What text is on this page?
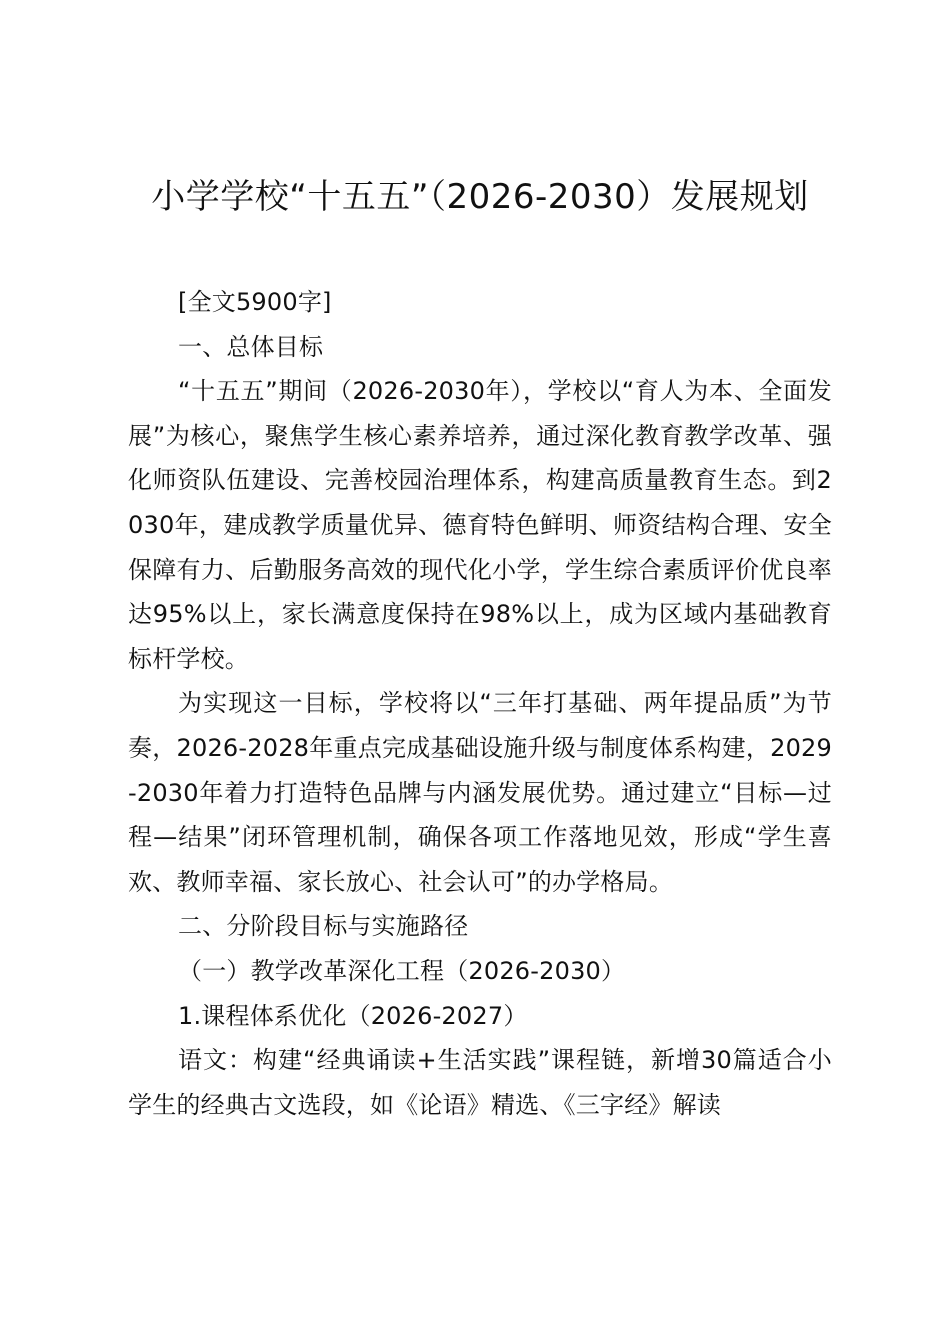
小学学校“十五五”（2026-2030）发展规划

[全文5900字]

一、总体目标

“十五五”期间（2026-2030年），学校以“育人为本、全面发展”为核心，聚焦学生核心素养培养，通过深化教育教学改革、强化师资队伍建设、完善校园治理体系，构建高质量教育生态。到2030年，建成教学质量优异、德育特色鲜明、师资结构合理、安全保障有力、后勤服务高效的现代化小学，学生综合素质评价优良率达95%以上，家长满意度保持在98%以上，成为区域内基础教育标杆学校。

为实现这一目标，学校将以“三年打基础、两年提品质”为节奏，2026-2028年重点完成基础设施升级与制度体系构建，2029-2030年着力打造特色品牌与内涵发展优势。通过建立“目标—过程—结果”闭环管理机制，确保各项工作落地见效，形成“学生喜欢、教师幸福、家长放心、社会认可”的办学格局。

二、分阶段目标与实施路径

（一）教学改革深化工程（2026-2030）

1.课程体系优化（2026-2027）

语文：构建“经典诵读+生活实践”课程链，新增30篇适合小学生的经典古文选段，如《论语》精选、《三字经》解读
